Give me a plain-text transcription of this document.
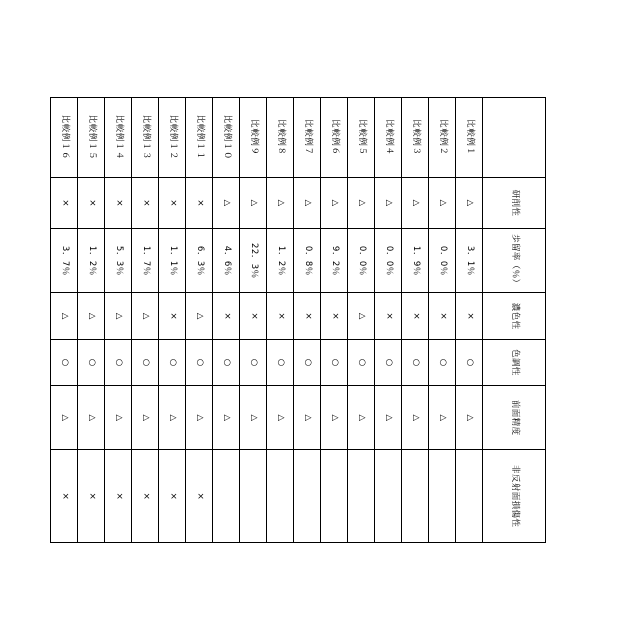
	研削性	歩留率（％）	濃色性	色調性	前面精度	非反射面損傷性
比較例１	△	3．1％	×	○	△	
比較例２	△	0．0％	×	○	△	
比較例３	△	1．9％	×	○	△	
比較例４	△	0．0％	×	○	△	
比較例５	△	0．0％	△	○	△	
比較例６	△	9．2％	×	○	△	
比較例７	△	0．8％	×	○	△	
比較例８	△	1．2％	×	○	△	
比較例９	△	22．3％	×	○	△	
比較例１０	△	4．6％	×	○	△	
比較例１１	×	6．3％	△	○	△	×
比較例１２	×	1．1％	×	○	△	×
比較例１３	×	1．7％	△	○	△	×
比較例１４	×	5．3％	△	○	△	×
比較例１５	×	1．2％	△	○	△	×
比較例１６	×	3．7％	△	○	△	×
